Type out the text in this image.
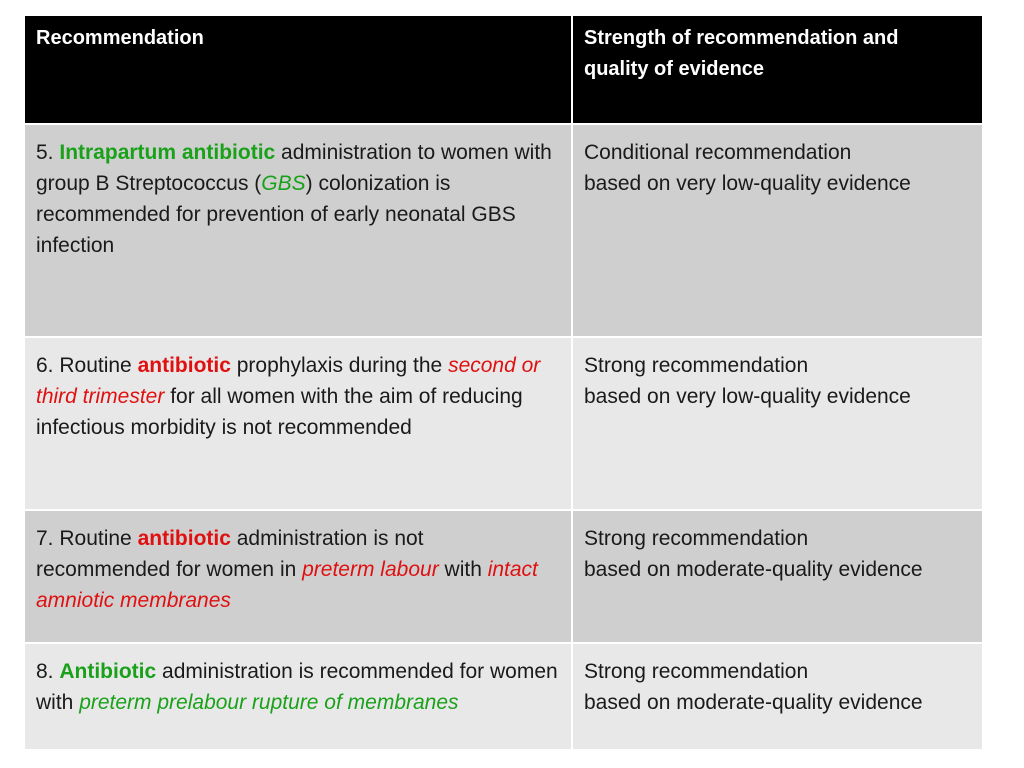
Recommendation	Strength of recommendation and
quality of evidence
5. Intrapartum antibiotic administration to women with group B Streptococcus (GBS) colonization is recommended for prevention of early neonatal GBS infection
Conditional recommendation
based on very low-quality evidence
6. Routine antibiotic prophylaxis during the second or third trimester for all women with the aim of reducing infectious morbidity is not recommended
Strong recommendation
based on very low-quality evidence
7. Routine antibiotic administration is not recommended for women in preterm labour with intact amniotic membranes
Strong recommendation
based on moderate-quality evidence
8. Antibiotic administration is recommended for women with preterm prelabour rupture of membranes
Strong recommendation
based on moderate-quality evidence
